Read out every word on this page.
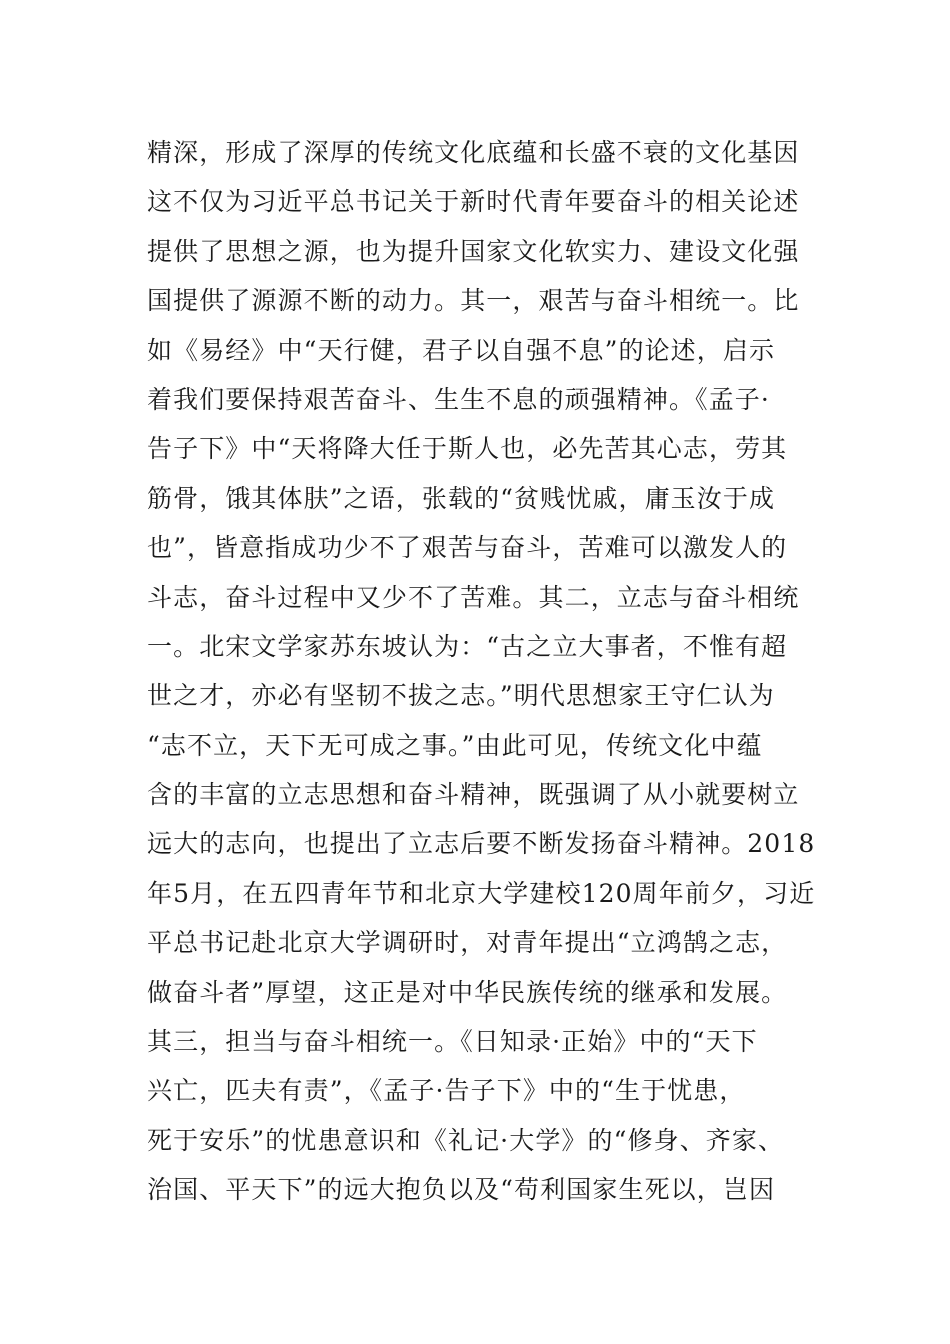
精深，形成了深厚的传统文化底蕴和长盛不衰的文化基因
这不仅为习近平总书记关于新时代青年要奋斗的相关论述
提供了思想之源，也为提升国家文化软实力、建设文化强
国提供了源源不断的动力。其一，艰苦与奋斗相统一。比
如《易经》中“天行健，君子以自强不息”的论述，启示
着我们要保持艰苦奋斗、生生不息的顽强精神。《孟子·
告子下》中“天将降大任于斯人也，必先苦其心志，劳其
筋骨，饿其体肤”之语，张载的“贫贱忧戚，庸玉汝于成
也”，皆意指成功少不了艰苦与奋斗，苦难可以激发人的
斗志，奋斗过程中又少不了苦难。其二，立志与奋斗相统
一。北宋文学家苏东坡认为：“古之立大事者，不惟有超
世之才，亦必有坚韧不拔之志。”明代思想家王守仁认为
“志不立，天下无可成之事。”由此可见，传统文化中蕴
含的丰富的立志思想和奋斗精神，既强调了从小就要树立
远大的志向，也提出了立志后要不断发扬奋斗精神。2018
年5月，在五四青年节和北京大学建校120周年前夕，习近
平总书记赴北京大学调研时，对青年提出“立鸿鹄之志，
做奋斗者”厚望，这正是对中华民族传统的继承和发展。
其三，担当与奋斗相统一。《日知录·正始》中的“天下
兴亡，匹夫有责”，《孟子·告子下》中的“生于忧患，
死于安乐”的忧患意识和《礼记·大学》的“修身、齐家、
治国、平天下”的远大抱负以及“苟利国家生死以，岂因
